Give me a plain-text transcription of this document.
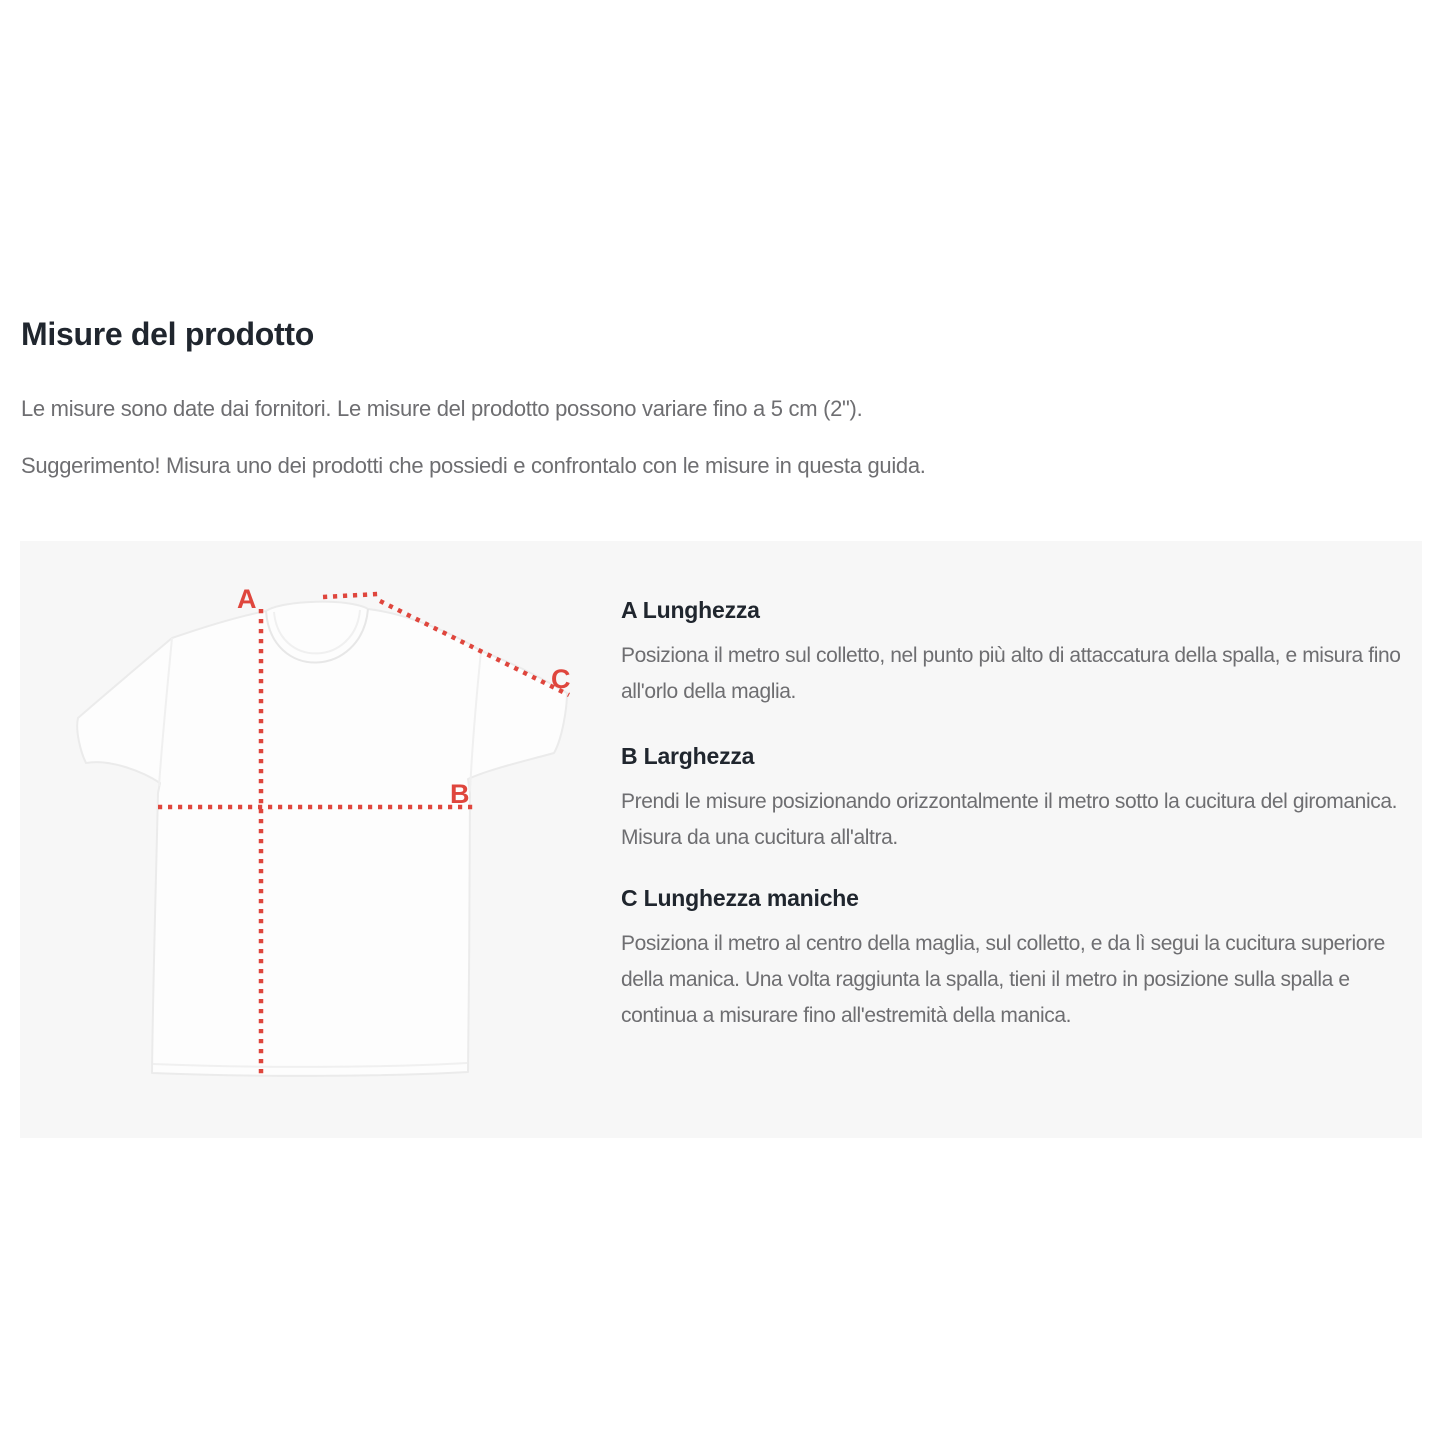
Misure del prodotto

Le misure sono date dai fornitori. Le misure del prodotto possono variare fino a 5 cm (2").

Suggerimento! Misura uno dei prodotti che possiedi e confrontalo con le misure in questa guida.

A
B
C
A Lunghezza

Posiziona il metro sul colletto, nel punto più alto di attaccatura della spalla, e misura fino all'orlo della maglia.

B Larghezza

Prendi le misure posizionando orizzontalmente il metro sotto la cucitura del giromanica. Misura da una cucitura all'altra.

C Lunghezza maniche

Posiziona il metro al centro della maglia, sul colletto, e da lì segui la cucitura superiore della manica. Una volta raggiunta la spalla, tieni il metro in posizione sulla spalla e continua a misurare fino all'estremità della manica.
